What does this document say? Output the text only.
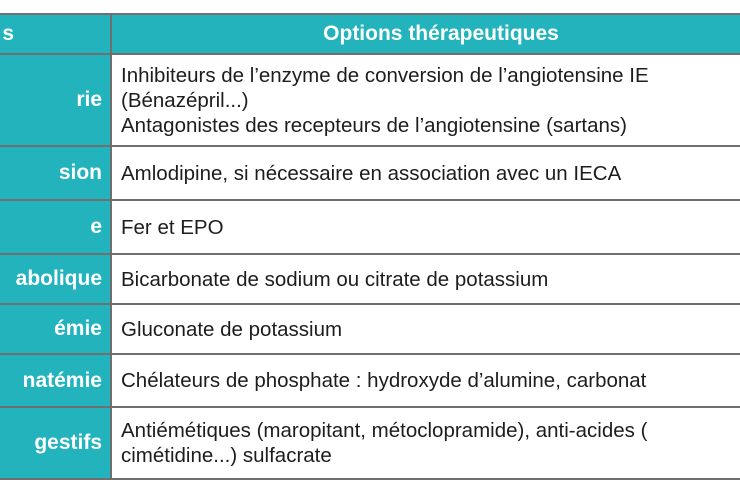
s	Options thérapeutiques
rie	Inhibiteurs de l’enzyme de conversion de l’angiotensine IE
(Bénazépril...)
Antagonistes des recepteurs de l’angiotensine (sartans)

sion	Amlodipine, si nécessaire en association avec un IECA

e	Fer et EPO

abolique	Bicarbonate de sodium ou citrate de potassium

émie	Gluconate de potassium

natémie	Chélateurs de phosphate : hydroxyde d’alumine, carbonat

gestifs	Antiémétiques (maropitant, métoclopramide), anti-acides (
cimétidine...) sulfacrate
